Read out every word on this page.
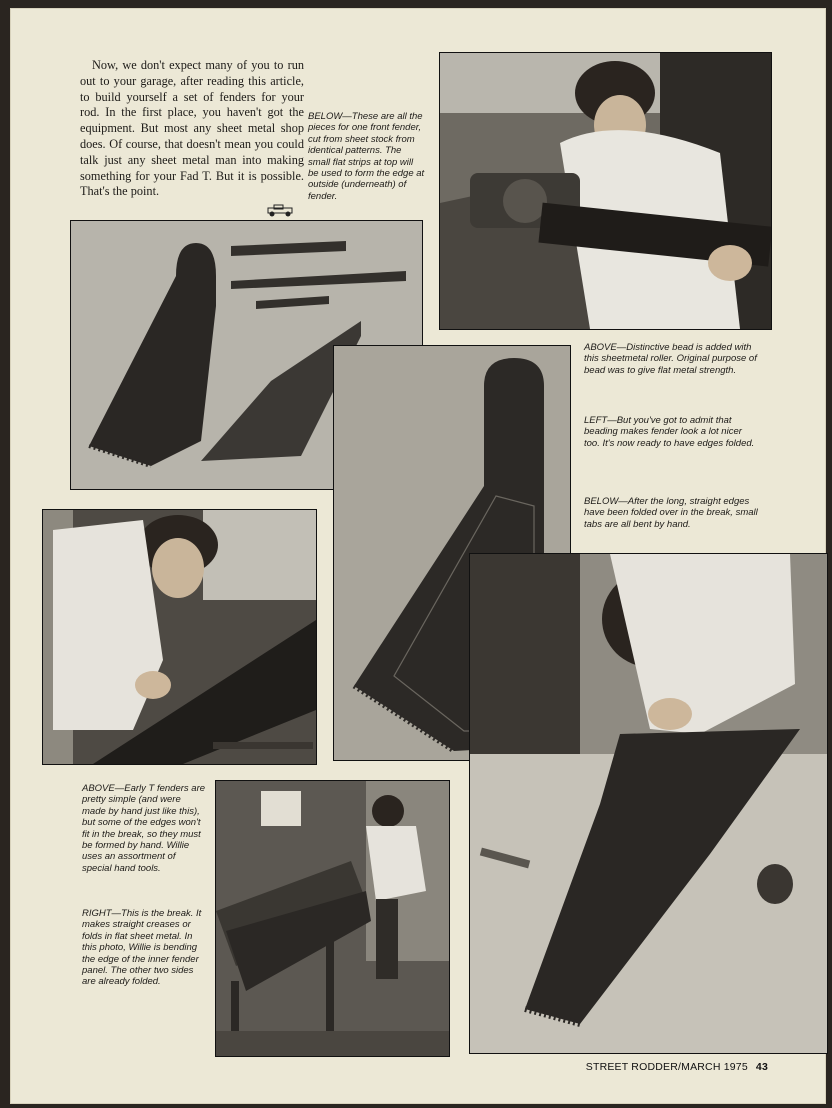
Now, we don't expect many of you to run out to your garage, after reading this article, to build yourself a set of fenders for your rod. In the first place, you haven't got the equipment. But most any sheet metal shop does. Of course, that doesn't mean you could talk just any sheet metal man into making something for your Fad T. But it is possible. That's the point.

BELOW—These are all the pieces for one front fender, cut from sheet stock from identical patterns. The small flat strips at top will be used to form the edge at outside (underneath) of fender.

ABOVE—Distinctive bead is added with this sheetmetal roller. Original purpose of bead was to give flat metal strength.

LEFT—But you've got to admit that beading makes fender look a lot nicer too. It's now ready to have edges folded.

BELOW—After the long, straight edges have been folded over in the break, small tabs are all bent by hand.

ABOVE—Early T fenders are pretty simple (and were made by hand just like this), but some of the edges won't fit in the break, so they must be formed by hand. Willie uses an assortment of special hand tools.

RIGHT—This is the break. It makes straight creases or folds in flat sheet metal. In this photo, Willie is bending the edge of the inner fender panel. The other two sides are already folded.

STREET RODDER/MARCH 1975 43
